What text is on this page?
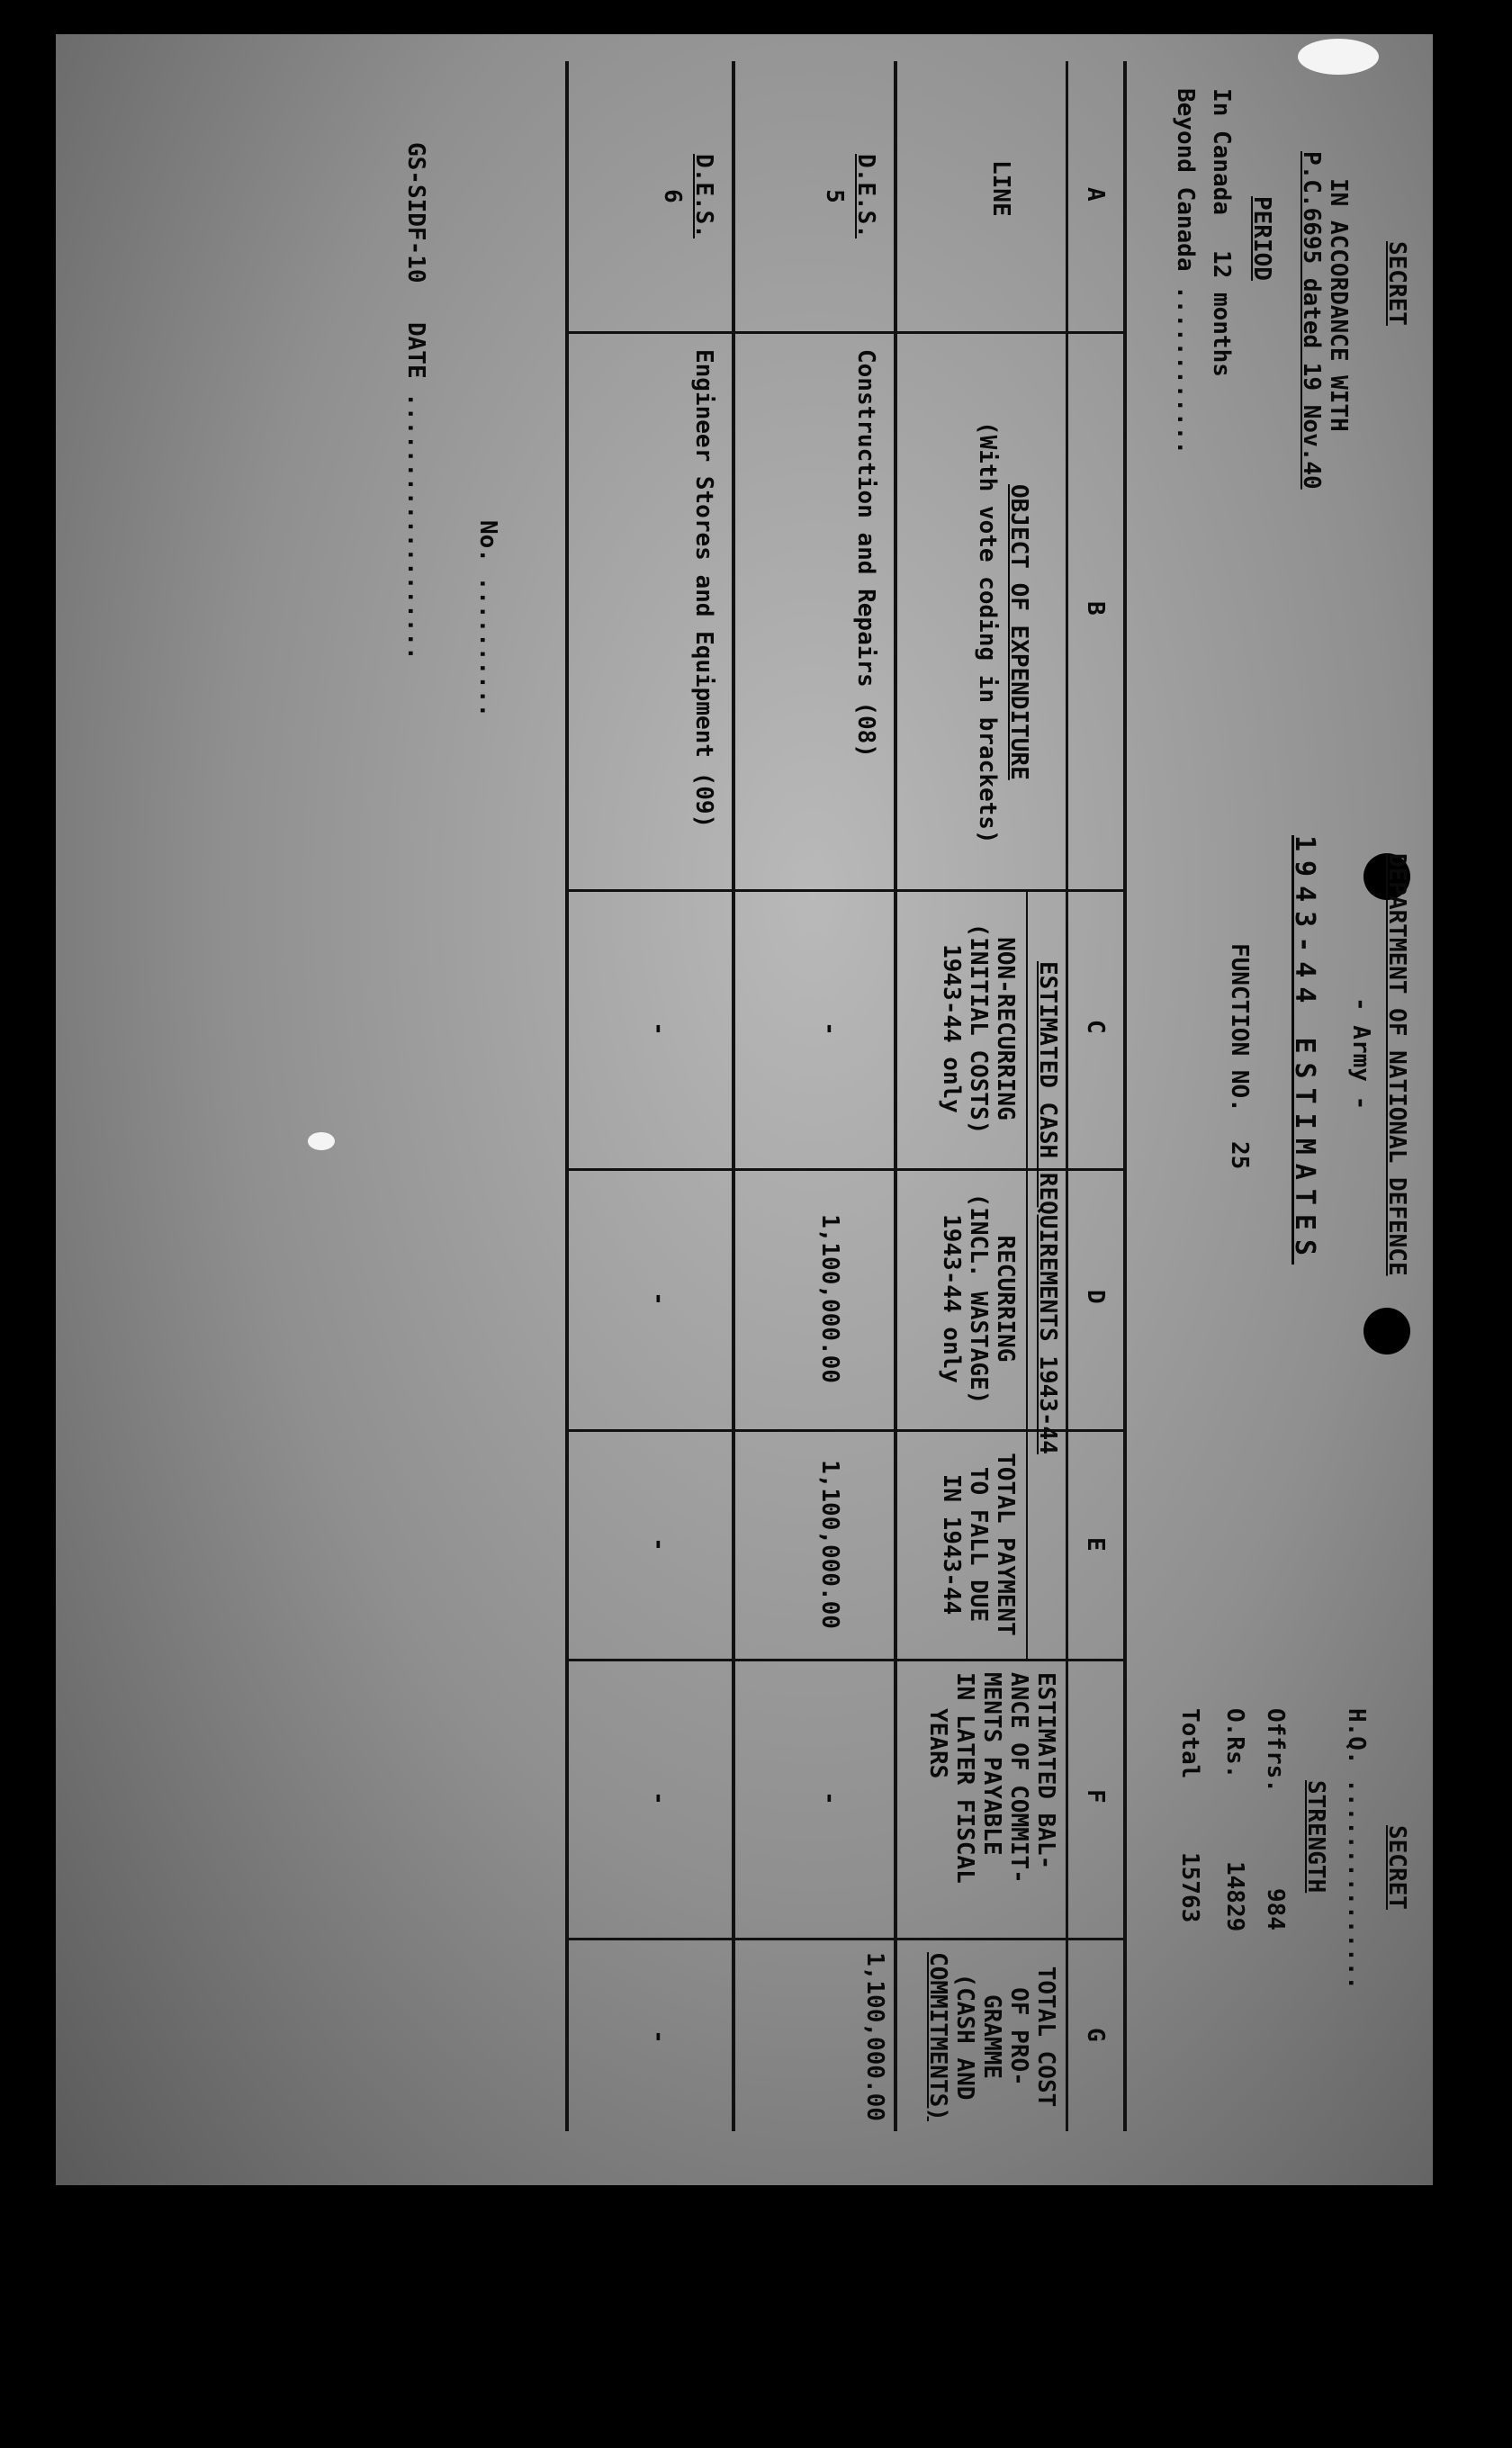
SECRET
IN ACCORDANCE WITH
P.C.6695 dated 19 Nov.40
PERIOD
In Canada
12 months
Beyond Canada ............
DEPARTMENT OF NATIONAL DEFENCE
- Army -
1943-44 ESTIMATES
FUNCTION NO.
25
SECRET
H.Q. ...............
STRENGTH
Offrs.
984
O.Rs.
14829
Total
15763
A
B
C
D
E
F
G
LINE
OBJECT OF EXPENDITURE
(With vote coding in brackets)
ESTIMATED CASH REQUIREMENTS 1943-44
NON-RECURRING
(INITIAL COSTS)
1943-44 only
RECURRING
(INCL. WASTAGE)
1943-44 only
TOTAL PAYMENT
TO FALL DUE
IN 1943-44
ESTIMATED BAL-
ANCE OF COMMIT-
MENTS PAYABLE
IN LATER FISCAL
YEARS
TOTAL COST
OF PRO-
GRAMME
(CASH AND
COMMITMENTS)
D.E.S.
5
Construction and Repairs (08)
-
1,100,000.00
1,100,000.00
-
1,100,000.00
D.E.S.
6
Engineer Stores and Equipment (09)
-
-
-
-
-
No. ..........
GS-SIDF-10
DATE ...................
